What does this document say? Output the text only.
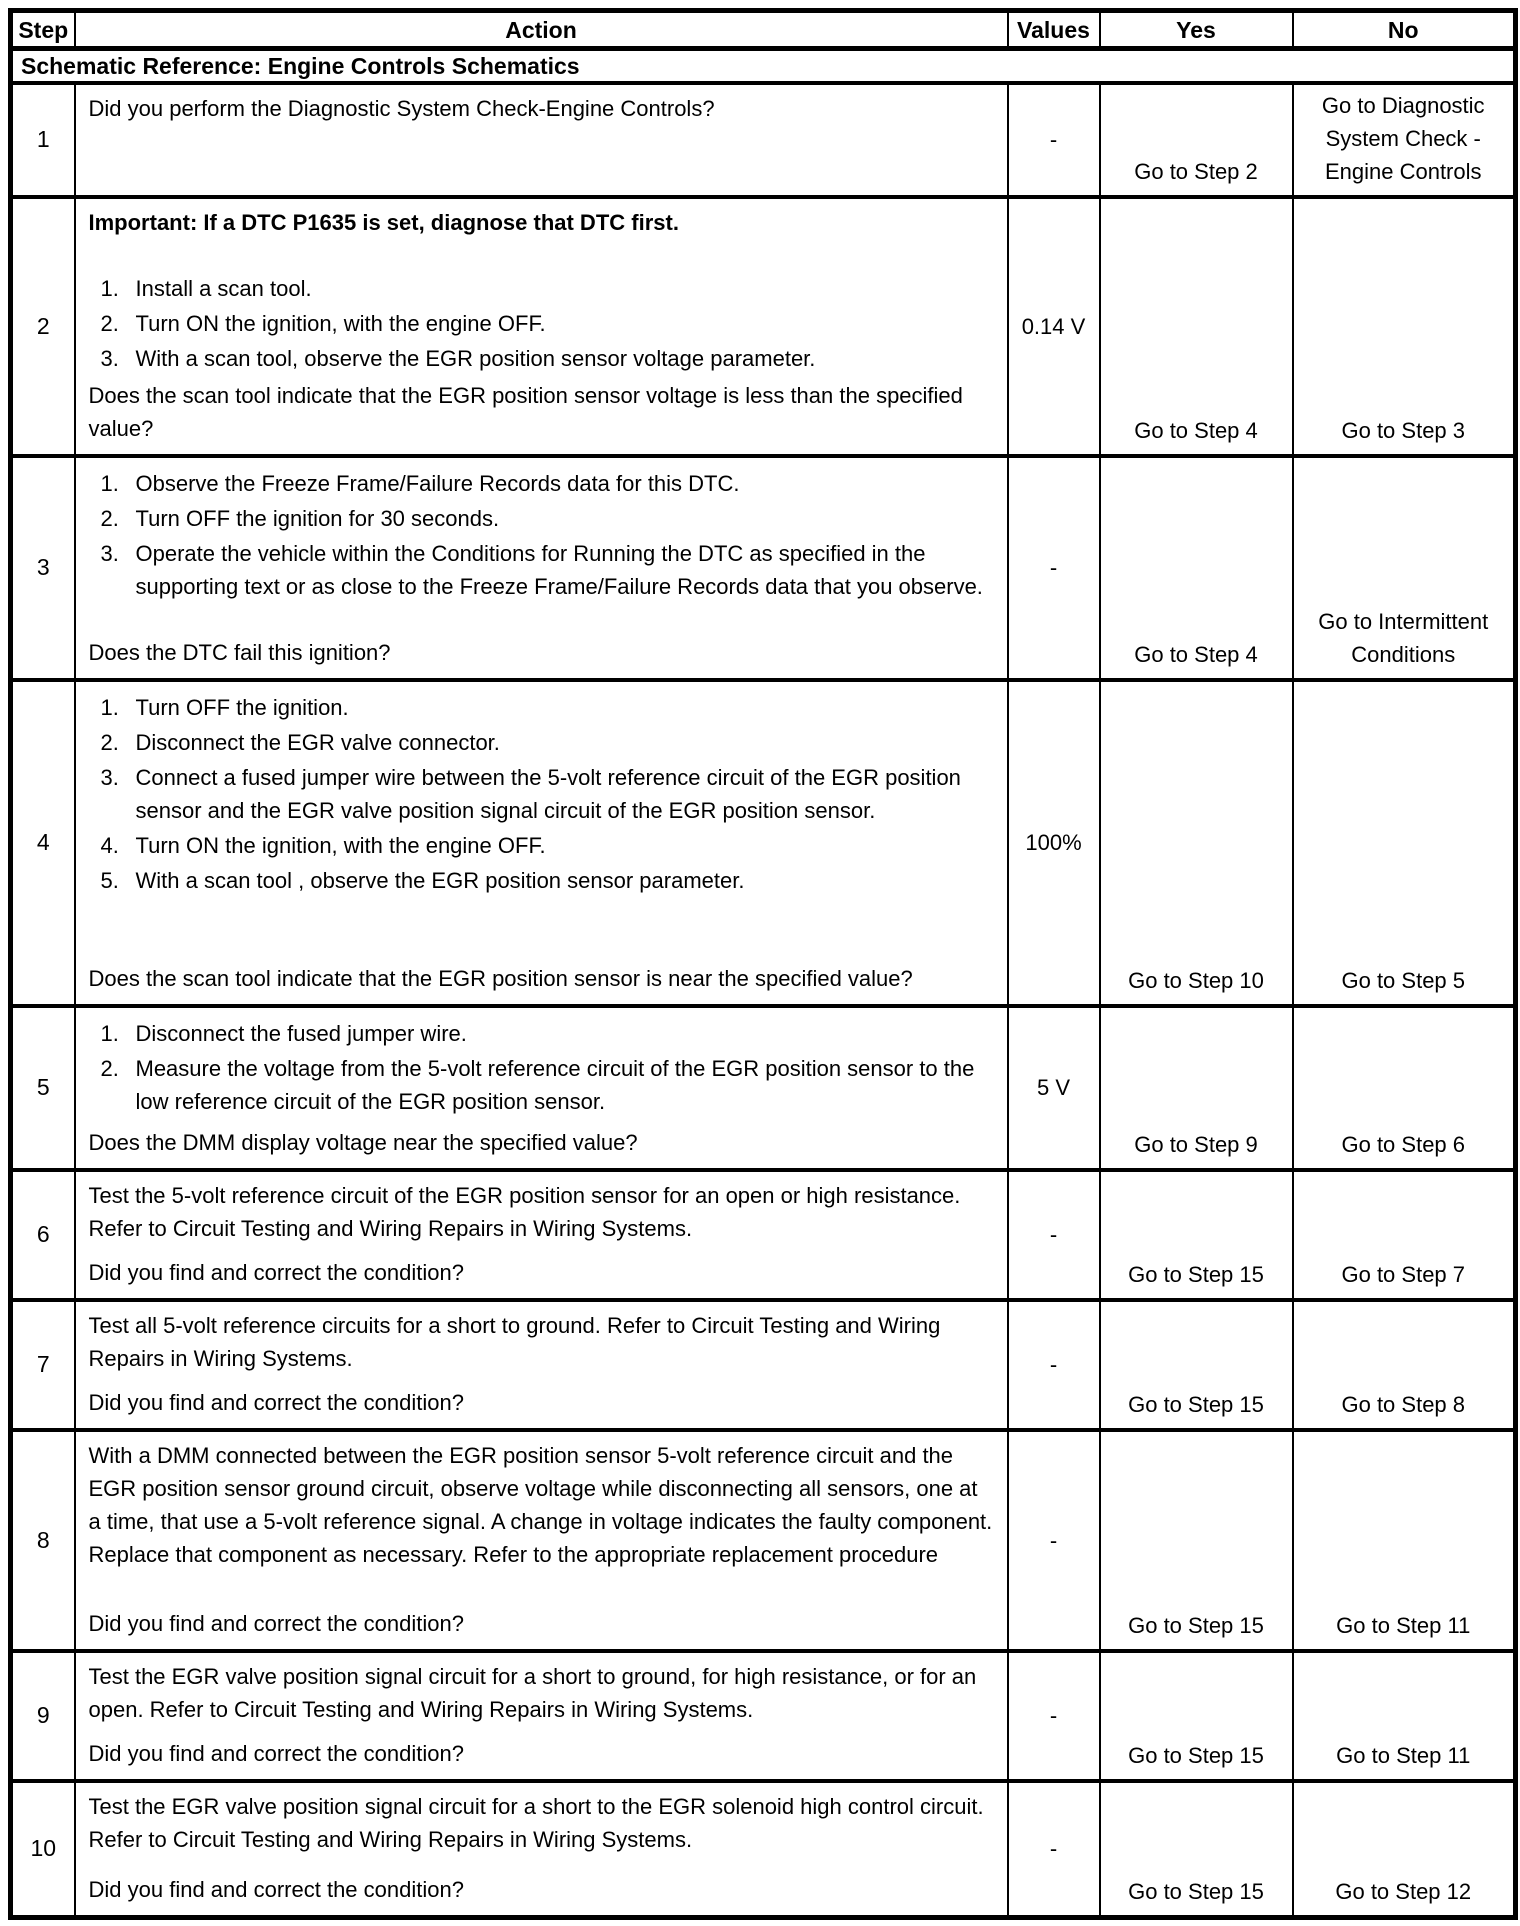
Step	Action	Values	Yes	No
Schematic Reference: Engine Controls Schematics				
1	Did you perform the Diagnostic System Check-Engine Controls?	-	Go to Step 2	Go to Diagnostic System Check - Engine Controls
2	

Important: If a DTC P1635 is set, diagnose that DTC first.

Install a scan tool.
Turn ON the ignition, with the engine OFF.
With a scan tool, observe the EGR position sensor voltage parameter.

Does the scan tool indicate that the EGR position sensor voltage is less than the specified value?

	0.14 V	Go to Step 4	Go to Step 3
3	
Observe the Freeze Frame/Failure Records data for this DTC.
Turn OFF the ignition for 30 seconds.
Operate the vehicle within the Conditions for Running the DTC as specified in the supporting text or as close to the Freeze Frame/Failure Records data that you observe.

Does the DTC fail this ignition?

	-	Go to Step 4	Go to Intermittent Conditions
4	
Turn OFF the ignition.
Disconnect the EGR valve connector.
Connect a fused jumper wire between the 5-volt reference circuit of the EGR position sensor and the EGR valve position signal circuit of the EGR position sensor.
Turn ON the ignition, with the engine OFF.
With a scan tool , observe the EGR position sensor parameter.

Does the scan tool indicate that the EGR position sensor is near the specified value?

	100%	Go to Step 10	Go to Step 5
5	
Disconnect the fused jumper wire.
Measure the voltage from the 5-volt reference circuit of the EGR position sensor to the low reference circuit of the EGR position sensor.

Does the DMM display voltage near the specified value?

	5 V	Go to Step 9	Go to Step 6
6	Test the 5-volt reference circuit of the EGR position sensor for an open or high resistance. Refer to Circuit Testing and Wiring Repairs in Wiring Systems.

Did you find and correct the condition?	-	Go to Step 15	Go to Step 7
7	Test all 5-volt reference circuits for a short to ground. Refer to Circuit Testing and Wiring Repairs in Wiring Systems.

Did you find and correct the condition?	-	Go to Step 15	Go to Step 8
8	With a DMM connected between the EGR position sensor 5-volt reference circuit and the EGR position sensor ground circuit, observe voltage while disconnecting all sensors, one at a time, that use a 5-volt reference signal. A change in voltage indicates the faulty component. Replace that component as necessary. Refer to the appropriate replacement procedure

Did you find and correct the condition?	-	Go to Step 15	Go to Step 11
9	Test the EGR valve position signal circuit for a short to ground, for high resistance, or for an open. Refer to Circuit Testing and Wiring Repairs in Wiring Systems.

Did you find and correct the condition?	-	Go to Step 15	Go to Step 11
10	Test the EGR valve position signal circuit for a short to the EGR solenoid high control circuit. Refer to Circuit Testing and Wiring Repairs in Wiring Systems.

Did you find and correct the condition?	-	Go to Step 15	Go to Step 12
